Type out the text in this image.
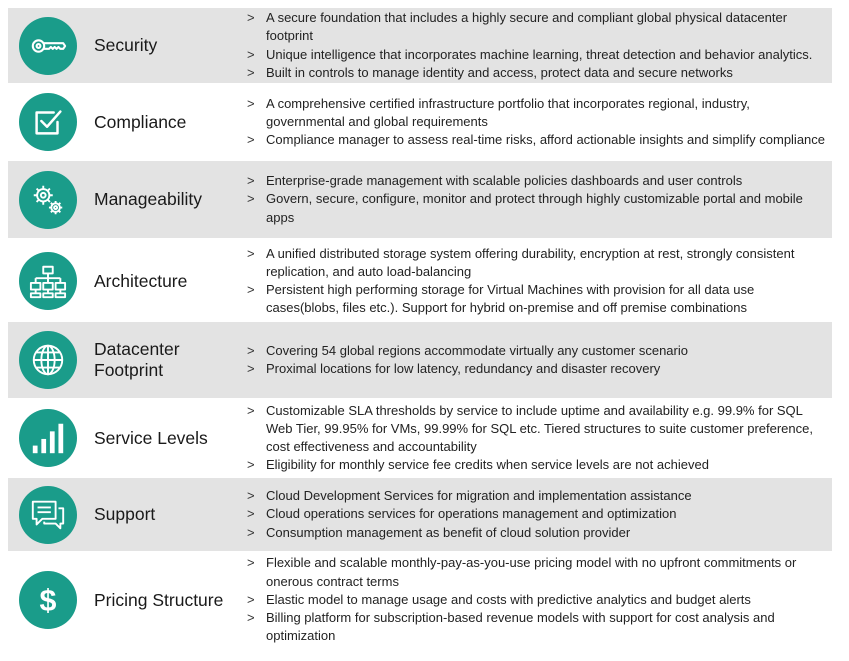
Security
> A secure foundation that includes a highly secure and compliant global physical datacenter footprint
> Unique intelligence that incorporates machine learning, threat detection and behavior analytics.
> Built in controls to manage identity and access, protect data and secure networks
Compliance
> A comprehensive certified infrastructure portfolio that incorporates regional, industry, governmental and global requirements
> Compliance manager to assess real-time risks, afford actionable insights and simplify compliance
Manageability
> Enterprise-grade management with scalable policies dashboards and user controls
> Govern, secure, configure, monitor and protect through highly customizable portal and mobile apps
Architecture
> A unified distributed storage system offering durability, encryption at rest, strongly consistent replication, and auto load-balancing
> Persistent high performing storage for Virtual Machines with provision for all data use cases(blobs, files etc.). Support for hybrid on-premise and off premise combinations
Datacenter Footprint
> Covering 54 global regions accommodate virtually any customer scenario
> Proximal locations for low latency, redundancy and disaster recovery
Service Levels
> Customizable SLA thresholds by service to include uptime and availability e.g. 99.9% for SQL Web Tier, 99.95% for VMs, 99.99% for SQL etc. Tiered structures to suite customer preference, cost effectiveness and accountability
> Eligibility for monthly service fee credits when service levels are not achieved
Support
> Cloud Development Services for migration and implementation assistance
> Cloud operations services for operations management and optimization
> Consumption management as benefit of cloud solution provider
$	Pricing Structure
> Flexible and scalable monthly-pay-as-you-use pricing model with no upfront commitments or onerous contract terms
> Elastic model to manage usage and costs with predictive analytics and budget alerts
> Billing platform for subscription-based revenue models with support for cost analysis and optimization
